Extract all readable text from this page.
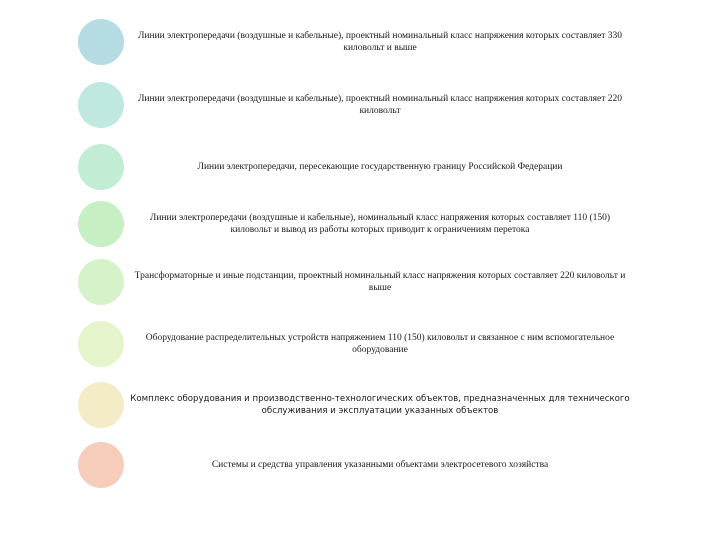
Линии электропередачи (воздушные и кабельные), проектный номинальный класс напряжения которых составляет 330 киловольт и выше
Линии электропередачи (воздушные и кабельные), проектный номинальный класс напряжения которых составляет 220 киловольт
Линии электропередачи, пересекающие государственную границу Российской Федерации
Линии электропередачи (воздушные и кабельные), номинальный класс напряжения которых составляет 110 (150) киловольт и вывод из работы которых приводит к ограничениям перетока
Трансформаторные и иные подстанции, проектный номинальный класс напряжения которых составляет 220 киловольт и выше
Оборудование распределительных устройств напряжением 110 (150) киловольт и связанное с ним вспомогательное оборудование
Комплекс оборудования и производственно-технологических объектов, предназначенных для технического обслуживания и эксплуатации указанных объектов
Системы и средства управления указанными объектами электросетевого хозяйства
